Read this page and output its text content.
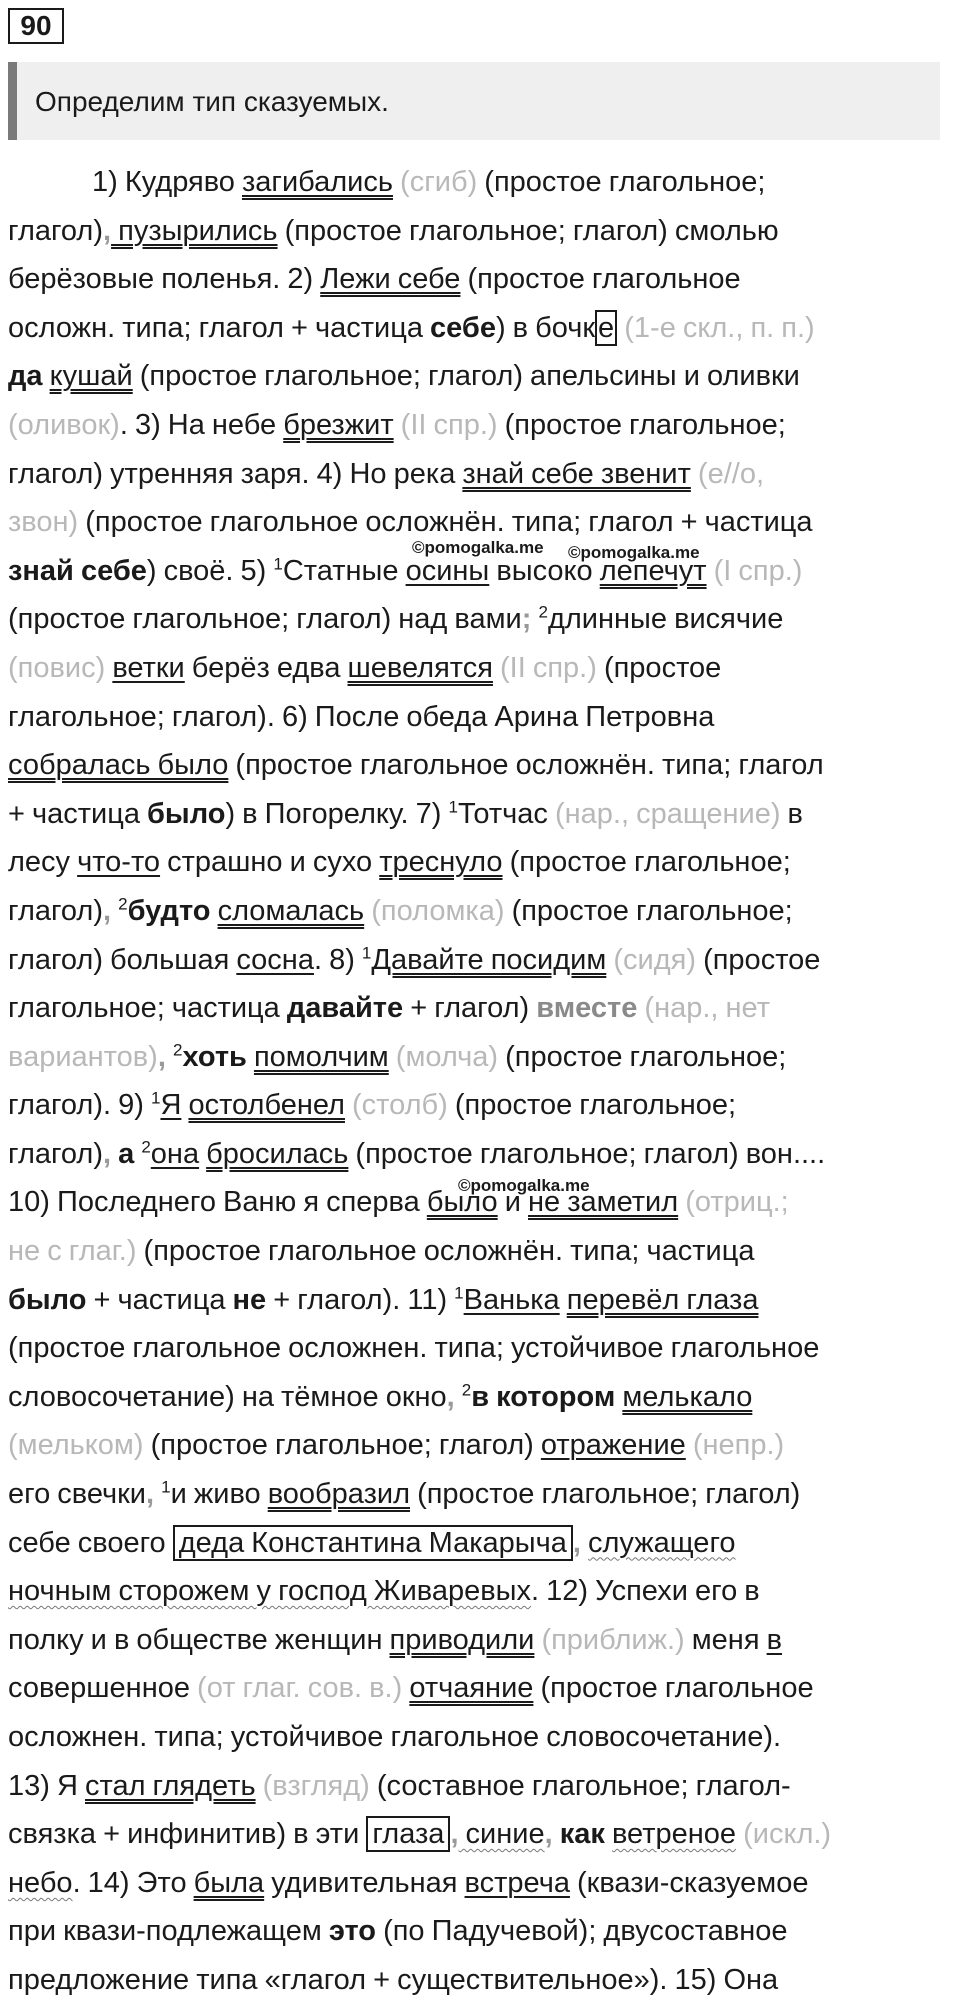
90
Определим тип сказуемых.
©pomogalka.me ©pomogalka.me
©pomogalka.me
1) Кудряво загибались (сгиб) (простое глагольное;
глагол), пузырились (простое глагольное; глагол) смолью
берёзовые поленья. 2) Лежи себе (простое глагольное
осложн. типа; глагол + частица себе) в бочк е (1-е скл., п. п.)
да кушай (простое глагольное; глагол) апельсины и оливки
(оливок). 3) На небе брезжит (II спр.) (простое глагольное;
глагол) утренняя заря. 4) Но река знай себе звенит (е//о,
звон) (простое глагольное осложнён. типа; глагол + частица
знай себе) своё. 5) $^1$Статные осины высоко лепечут (I спр.)
(простое глагольное; глагол) над вами; $^2$длинные висячие
(повис) ветки берёз едва шевелятся (II спр.) (простое
глагольное; глагол). 6) После обеда Арина Петровна
собралась было (простое глагольное осложнён. типа; глагол
+ частица было) в Погорелку. 7) $^1$Тотчас (нар., сращение) в
лесу что-то страшно и сухо треснуло (простое глагольное;
глагол), $^2$будто сломалась (поломка) (простое глагольное;
глагол) большая сосна. 8) $^1$Давайте посидим (сидя) (простое
глагольное; частица давайте + глагол) вместе (нар., нет
вариантов), $^2$хоть помолчим (молча) (простое глагольное;
глагол). 9) $^1$Я остолбенел (столб) (простое глагольное;
глагол), а $^2$она бросилась (простое глагольное; глагол) вон....
10) Последнего Ваню я сперва было и не заметил (отриц.;
не с глаг.) (простое глагольное осложнён. типа; частица
было + частица не + глагол). 11) $^1$Ванька перевёл глаза
(простое глагольное осложнен. типа; устойчивое глагольное
словосочетание) на тёмное окно, $^2$в котором мелькало
(мельком) (простое глагольное; глагол) отражение (непр.)
его свечки, $^1$и живо вообразил (простое глагольное; глагол)
себе своего деда Константина Макарыча , служащего
ночным сторожем у господ Живаревых. 12) Успехи его в
полку и в обществе женщин приводили (приближ.) меня в
совершенное (от глаг. сов. в.) отчаяние (простое глагольное
осложнен. типа; устойчивое глагольное словосочетание).
13) Я стал глядеть (взгляд) (составное глагольное; глагол-
связка + инфинитив) в эти глаза , синие, как ветреное (искл.)
небо. 14) Это была удивительная встреча (квази-сказуемое
при квази-подлежащем это (по Падучевой); двусоставное
предложение типа «глагол + существительное»). 15) Она
